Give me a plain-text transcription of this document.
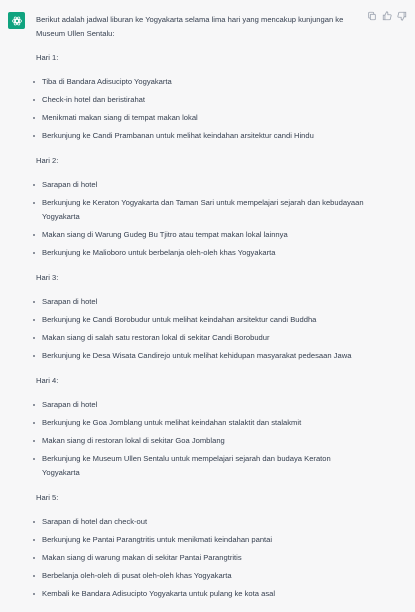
Berikut adalah jadwal liburan ke Yogyakarta selama lima hari yang mencakup kunjungan ke Museum Ullen Sentalu:

Hari 1:

Tiba di Bandara Adisucipto Yogyakarta
Check-in hotel dan beristirahat
Menikmati makan siang di tempat makan lokal
Berkunjung ke Candi Prambanan untuk melihat keindahan arsitektur candi Hindu

Hari 2:

Sarapan di hotel
Berkunjung ke Keraton Yogyakarta dan Taman Sari untuk mempelajari sejarah dan kebudayaan Yogyakarta
Makan siang di Warung Gudeg Bu Tjitro atau tempat makan lokal lainnya
Berkunjung ke Malioboro untuk berbelanja oleh-oleh khas Yogyakarta

Hari 3:

Sarapan di hotel
Berkunjung ke Candi Borobudur untuk melihat keindahan arsitektur candi Buddha
Makan siang di salah satu restoran lokal di sekitar Candi Borobudur
Berkunjung ke Desa Wisata Candirejo untuk melihat kehidupan masyarakat pedesaan Jawa

Hari 4:

Sarapan di hotel
Berkunjung ke Goa Jomblang untuk melihat keindahan stalaktit dan stalakmit
Makan siang di restoran lokal di sekitar Goa Jomblang
Berkunjung ke Museum Ullen Sentalu untuk mempelajari sejarah dan budaya Keraton Yogyakarta

Hari 5:

Sarapan di hotel dan check-out
Berkunjung ke Pantai Parangtritis untuk menikmati keindahan pantai
Makan siang di warung makan di sekitar Pantai Parangtritis
Berbelanja oleh-oleh di pusat oleh-oleh khas Yogyakarta
Kembali ke Bandara Adisucipto Yogyakarta untuk pulang ke kota asal
